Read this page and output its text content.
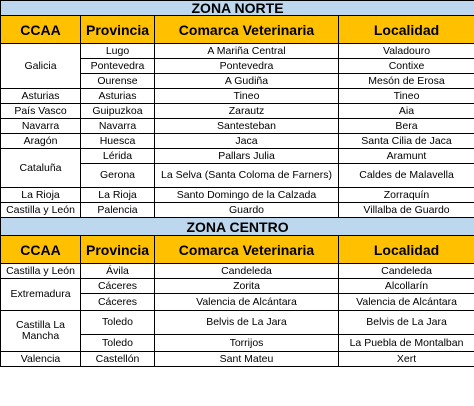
ZONA NORTE			
CCAA	Provincia	Comarca Veterinaria	Localidad
Galicia	Lugo	A Mariña Central	Valadouro
	Pontevedra	Pontevedra	Contixe
	Ourense	A Gudiña	Mesón de Erosa
Asturias	Asturias	Tineo	Tineo
País Vasco	Guipuzkoa	Zarautz	Aia
Navarra	Navarra	Santesteban	Bera
Aragón	Huesca	Jaca	Santa Cilia de Jaca
Cataluña	Lérida	Pallars Julia	Aramunt
	Gerona	La Selva (Santa Coloma de Farners)	Caldes de Malavella
La Rioja	La Rioja	Santo Domingo de la Calzada	Zorraquín
Castilla y León	Palencia	Guardo	Villalba de Guardo
ZONA CENTRO			
CCAA	Provincia	Comarca Veterinaria	Localidad
Castilla y León	Ávila	Candeleda	Candeleda
Extremadura	Cáceres	Zorita	Alcollarín
	Cáceres	Valencia de Alcántara	Valencia de Alcántara
Castilla La Mancha	Toledo	Belvis de La Jara	Belvis de La Jara
	Toledo	Torrijos	La Puebla de Montalban
Valencia	Castellón	Sant Mateu	Xert
